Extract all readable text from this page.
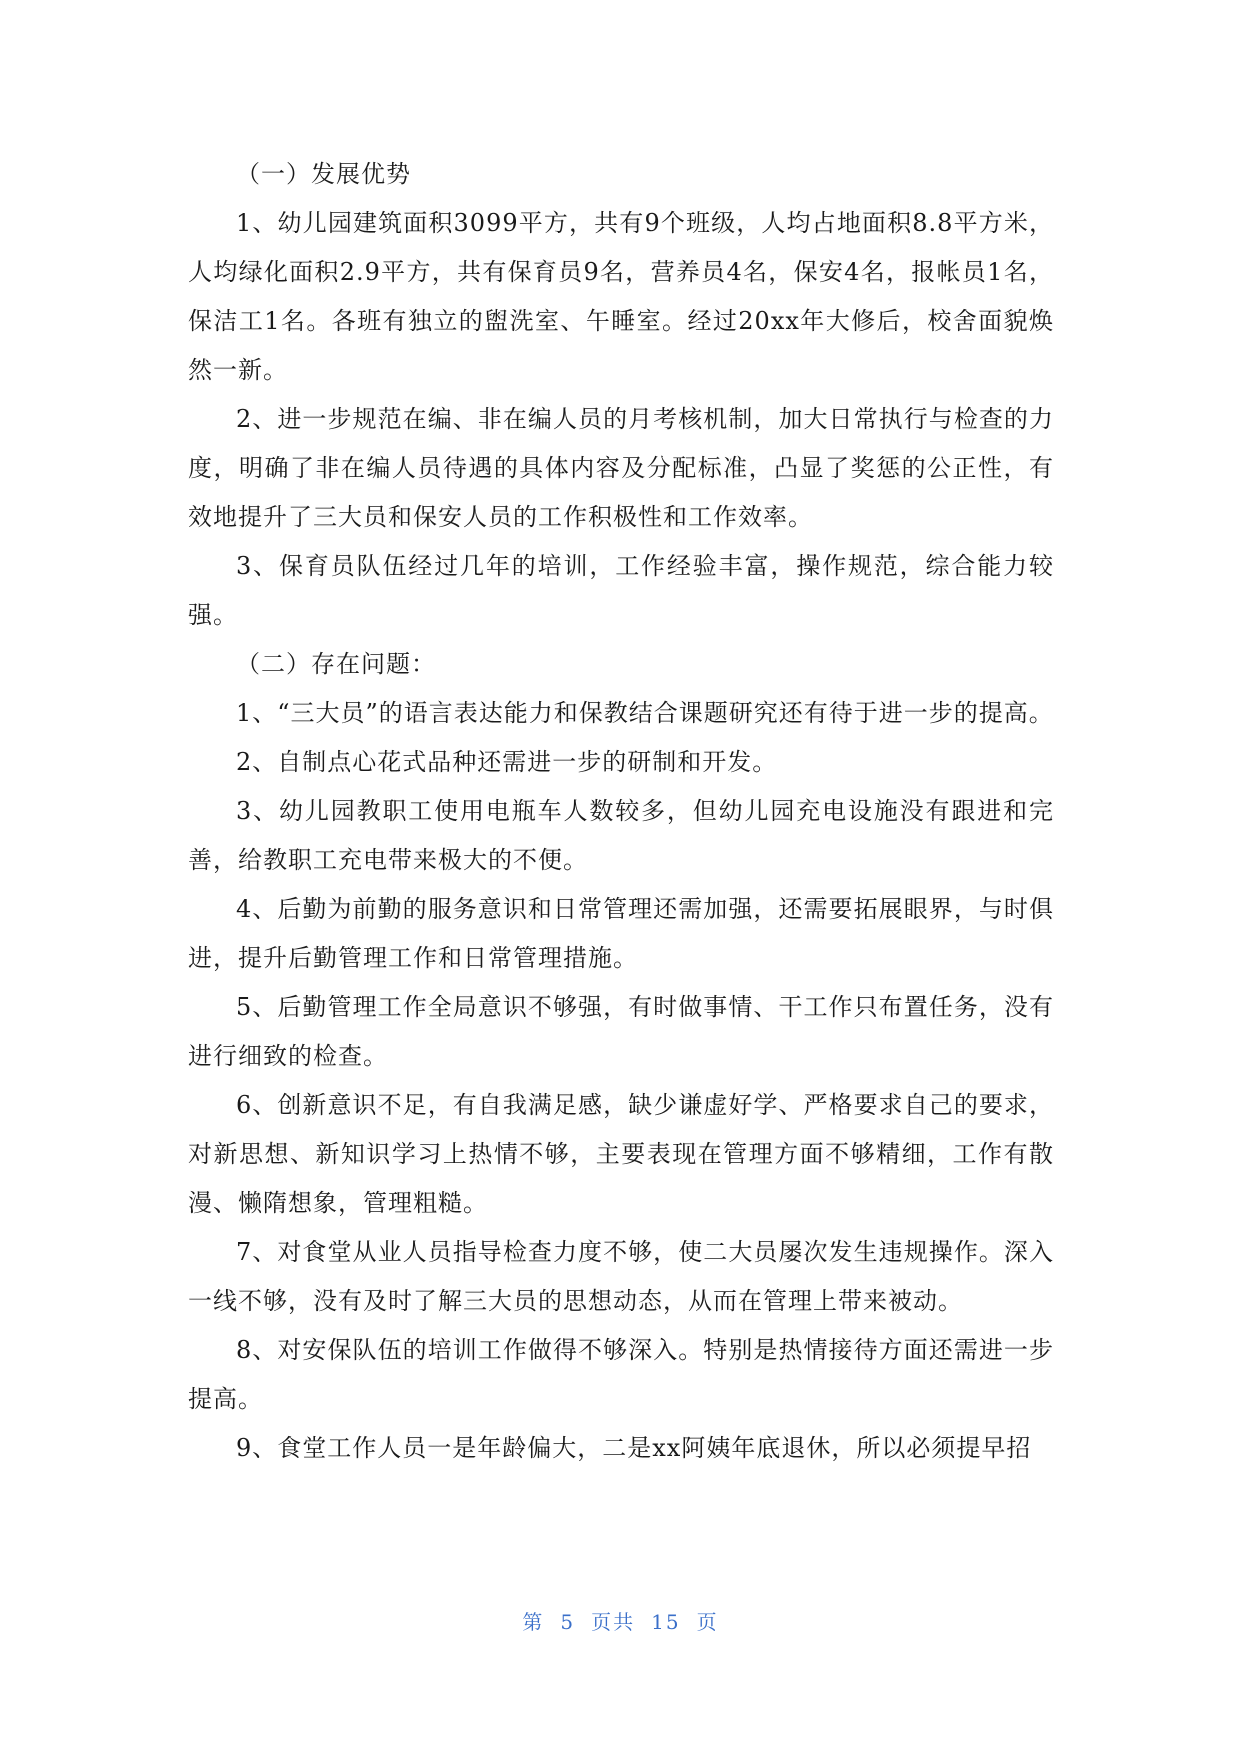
（一）发展优势

1、幼儿园建筑面积3099平方，共有9个班级，人均占地面积8.8平方米，人均绿化面积2.9平方，共有保育员9名，营养员4名，保安4名，报帐员1名，保洁工1名。各班有独立的盥洗室、午睡室。经过20xx年大修后，校舍面貌焕然一新。

2、进一步规范在编、非在编人员的月考核机制，加大日常执行与检查的力度，明确了非在编人员待遇的具体内容及分配标准，凸显了奖惩的公正性，有效地提升了三大员和保安人员的工作积极性和工作效率。

3、保育员队伍经过几年的培训，工作经验丰富，操作规范，综合能力较强。

（二）存在问题：

1、“三大员”的语言表达能力和保教结合课题研究还有待于进一步的提高。

2、自制点心花式品种还需进一步的研制和开发。

3、幼儿园教职工使用电瓶车人数较多，但幼儿园充电设施没有跟进和完善，给教职工充电带来极大的不便。

4、后勤为前勤的服务意识和日常管理还需加强，还需要拓展眼界，与时俱进，提升后勤管理工作和日常管理措施。

5、后勤管理工作全局意识不够强，有时做事情、干工作只布置任务，没有进行细致的检查。

6、创新意识不足，有自我满足感，缺少谦虚好学、严格要求自己的要求，对新思想、新知识学习上热情不够，主要表现在管理方面不够精细，工作有散漫、懒隋想象，管理粗糙。

7、对食堂从业人员指导检查力度不够，使二大员屡次发生违规操作。深入一线不够，没有及时了解三大员的思想动态，从而在管理上带来被动。

8、对安保队伍的培训工作做得不够深入。特别是热情接待方面还需进一步提高。

9、食堂工作人员一是年龄偏大，二是xx阿姨年底退休，所以必须提早招

第 5 页共 15 页
